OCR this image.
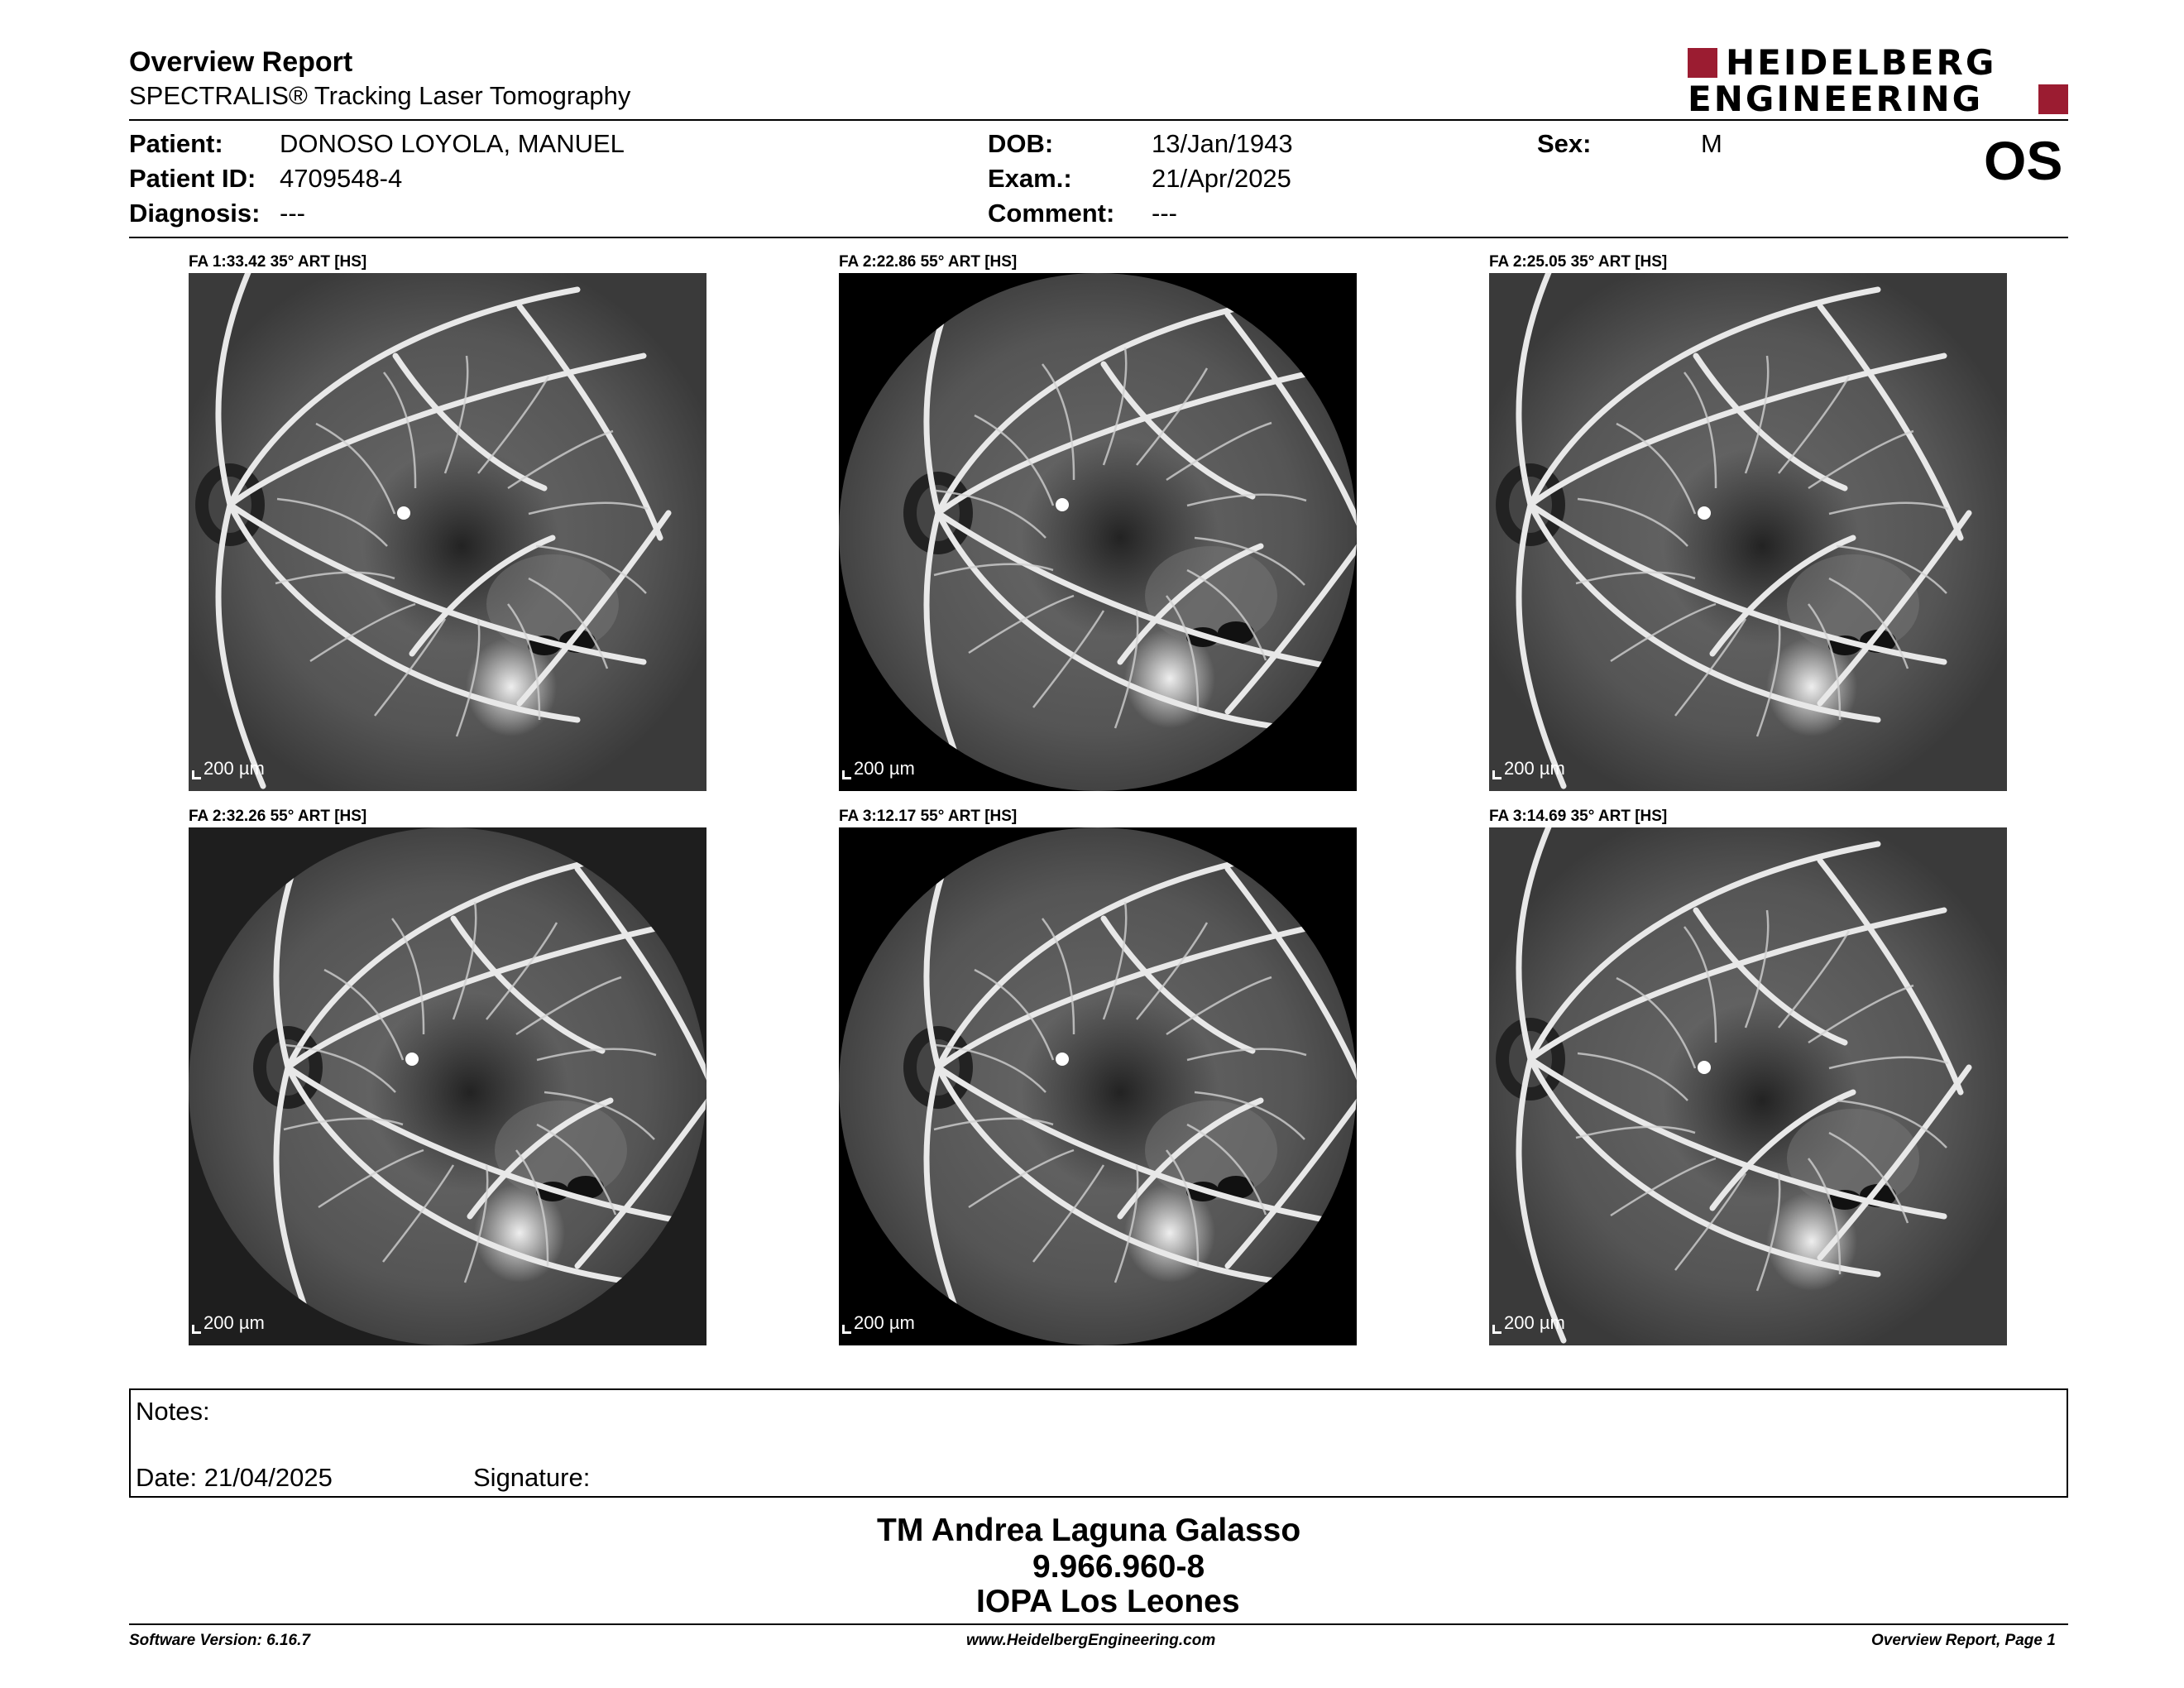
Overview Report
SPECTRALIS® Tracking Laser Tomography
HEIDELBERG
ENGINEERING
Patient: DONOSO LOYOLA, MANUEL
Patient ID: 4709548-4
Diagnosis: ---
DOB:	13/Jan/1943
Exam.:	21/Apr/2025
Comment: ---
Sex:	M	OS
FA 1:33.42 35° ART [HS]
200 µm
FA 2:22.86 55° ART [HS]
200 µm
FA 2:25.05 35° ART [HS]
200 µm
FA 2:32.26 55° ART [HS]
200 µm
FA 3:12.17 55° ART [HS]
200 µm
FA 3:14.69 35° ART [HS]
200 µm
Notes:
Date: 21/04/2025	Signature:
TM Andrea Laguna Galasso
9.966.960-8
IOPA Los Leones
Software Version: 6.16.7	www.HeidelbergEngineering.com	Overview Report, Page 1
